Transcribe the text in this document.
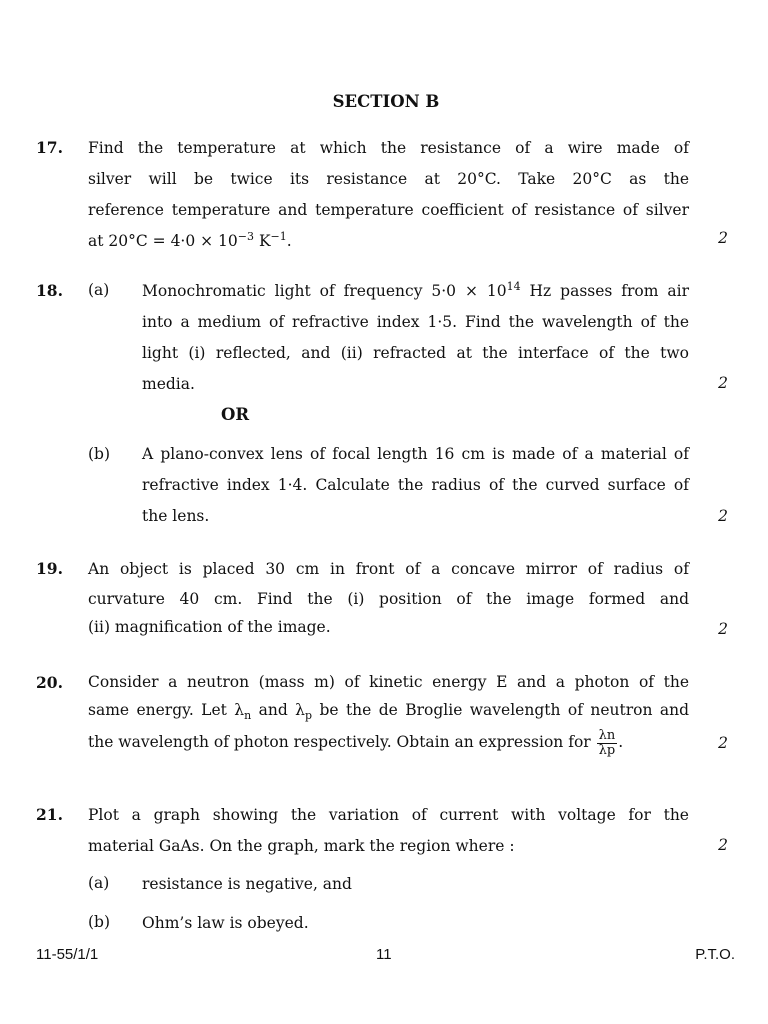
SECTION B
17. Find the temperature at which the resistance of a wire made of
silver will be twice its resistance at 20°C. Take 20°C as the
reference temperature and temperature coefficient of resistance of silver
at $20^\circ C = 4\cdot 0 \times 10^{-3}$ $K^{-1}$.	2
18. (a) Monochromatic light of frequency $5\cdot 0 \times 10^{14}$ Hz passes from air
into a medium of refractive index 1·5. Find the wavelength of the
light (i) reflected, and (ii) refracted at the interface of the two
media.	2
OR
(b) A plano-convex lens of focal length 16 cm is made of a material of
refractive index 1·4. Calculate the radius of the curved surface of
the lens.	2
19. An object is placed 30 cm in front of a concave mirror of radius of
curvature 40 cm. Find the (i) position of the image formed and
(ii) magnification of the image.	2
20. Consider a neutron (mass m) of kinetic energy E and a photon of the
same energy. Let $\lambda_n$ and $\lambda_p$ be the de Broglie wavelength of neutron and
the wavelength of photon respectively. Obtain an expression for $\frac{\lambda n}{\lambda p}$ .	2
21. Plot a graph showing the variation of current with voltage for the
material GaAs. On the graph, mark the region where :	2
(a) resistance is negative, and
(b) Ohm’s law is obeyed.
11-55/1/1	11	P.T.O.
